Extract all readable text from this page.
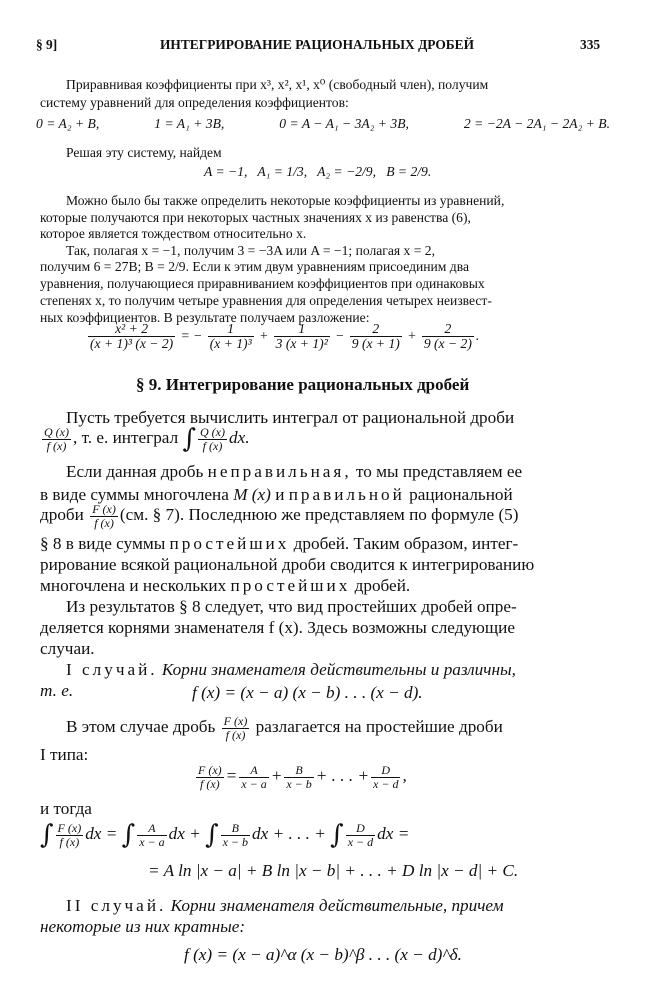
§ 9]	ИНТЕГРИРОВАНИЕ РАЦИОНАЛЬНЫХ ДРОБЕЙ	335
Приравнивая коэффициенты при x³, x², x¹, x⁰ (свободный член), получим
систему уравнений для определения коэффициентов:
0 = A₂ + B,	1 = A₁ + 3B,	0 = A − A₁ − 3A₂ + 3B,	2 = −2A − 2A₁ − 2A₂ + B.
Решая эту систему, найдем
A = −1,   A₁ = 1/3,   A₂ = −2/9,   B = 2/9.
Можно было бы также определить некоторые коэффициенты из уравнений,
которые получаются при некоторых частных значениях x из равенства (6),
которое является тождеством относительно x.
Так, полагая x = −1, получим 3 = −3A или A = −1; полагая x = 2,
получим 6 = 27B; B = 2/9. Если к этим двум уравнениям присоединим два
уравнения, получающиеся приравниванием коэффициентов при одинаковых
степенях x, то получим четыре уравнения для определения четырех неизвест-
ных коэффициентов. В результате получаем разложение:
$\frac{\text{x² + 2}}{\text{(x + 1)³ (x − 2)}}$ = − $\frac{1}{\text{(x + 1)³}} + \frac{1}{\text{3 (x + 1)²}} - \frac{2}{9 (x + 1)} + \frac{2}{9 (x - 2)}$ .
§ 9. Интегрирование рациональных дробей
Пусть требуется вычислить интеграл от рациональной дроби
$\frac{Q (x)}{f (x)}$ , т. е. интеграл ∫ $\frac{Q (x)}{f (x)}$ dx.
Если данная дробь неправильная, то мы представляем ее
в виде суммы многочлена M (x) и правильной рациональной
дроби $\frac{F (x)}{f (x)} (см$. § 7). Последнюю же представляем по формуле (5)
§ 8 в виде суммы простейших дробей. Таким образом, интег-
рирование всякой рациональной дроби сводится к интегрированию
многочлена и нескольких простейших дробей.
Из результатов § 8 следует, что вид простейших дробей опре-
деляется корнями знаменателя f (x). Здесь возможны следующие
случаи.
I случай. Корни знаменателя действительны и различны,
т. е.	f (x) = (x − a) (x − b) . . . (x − d).
В этом случае дробь $\frac{F (x)}{f (x)}$ разлагается на простейшие дроби
I типа:
$\frac{F (x)}{f (x)} = \frac{A}{x - a} + \frac{B}{x - b}$ + . . . + $\frac{D}{x - d}$ ,
и тогда
∫ $\frac{F (x)}{f (x)}$ dx = ∫ $\frac{A}{x - a}$ dx + ∫ $\frac{B}{x - b}$ dx + . . . + ∫ $\frac{D}{x - d}$ dx =
= A ln |x − a| + B ln |x − b| + . . . + D ln |x − d| + C.
II случай. Корни знаменателя действительные, причем
некоторые из них кратные:
f (x) = (x − a)^α (x − b)^β . . . (x − d)^δ.
